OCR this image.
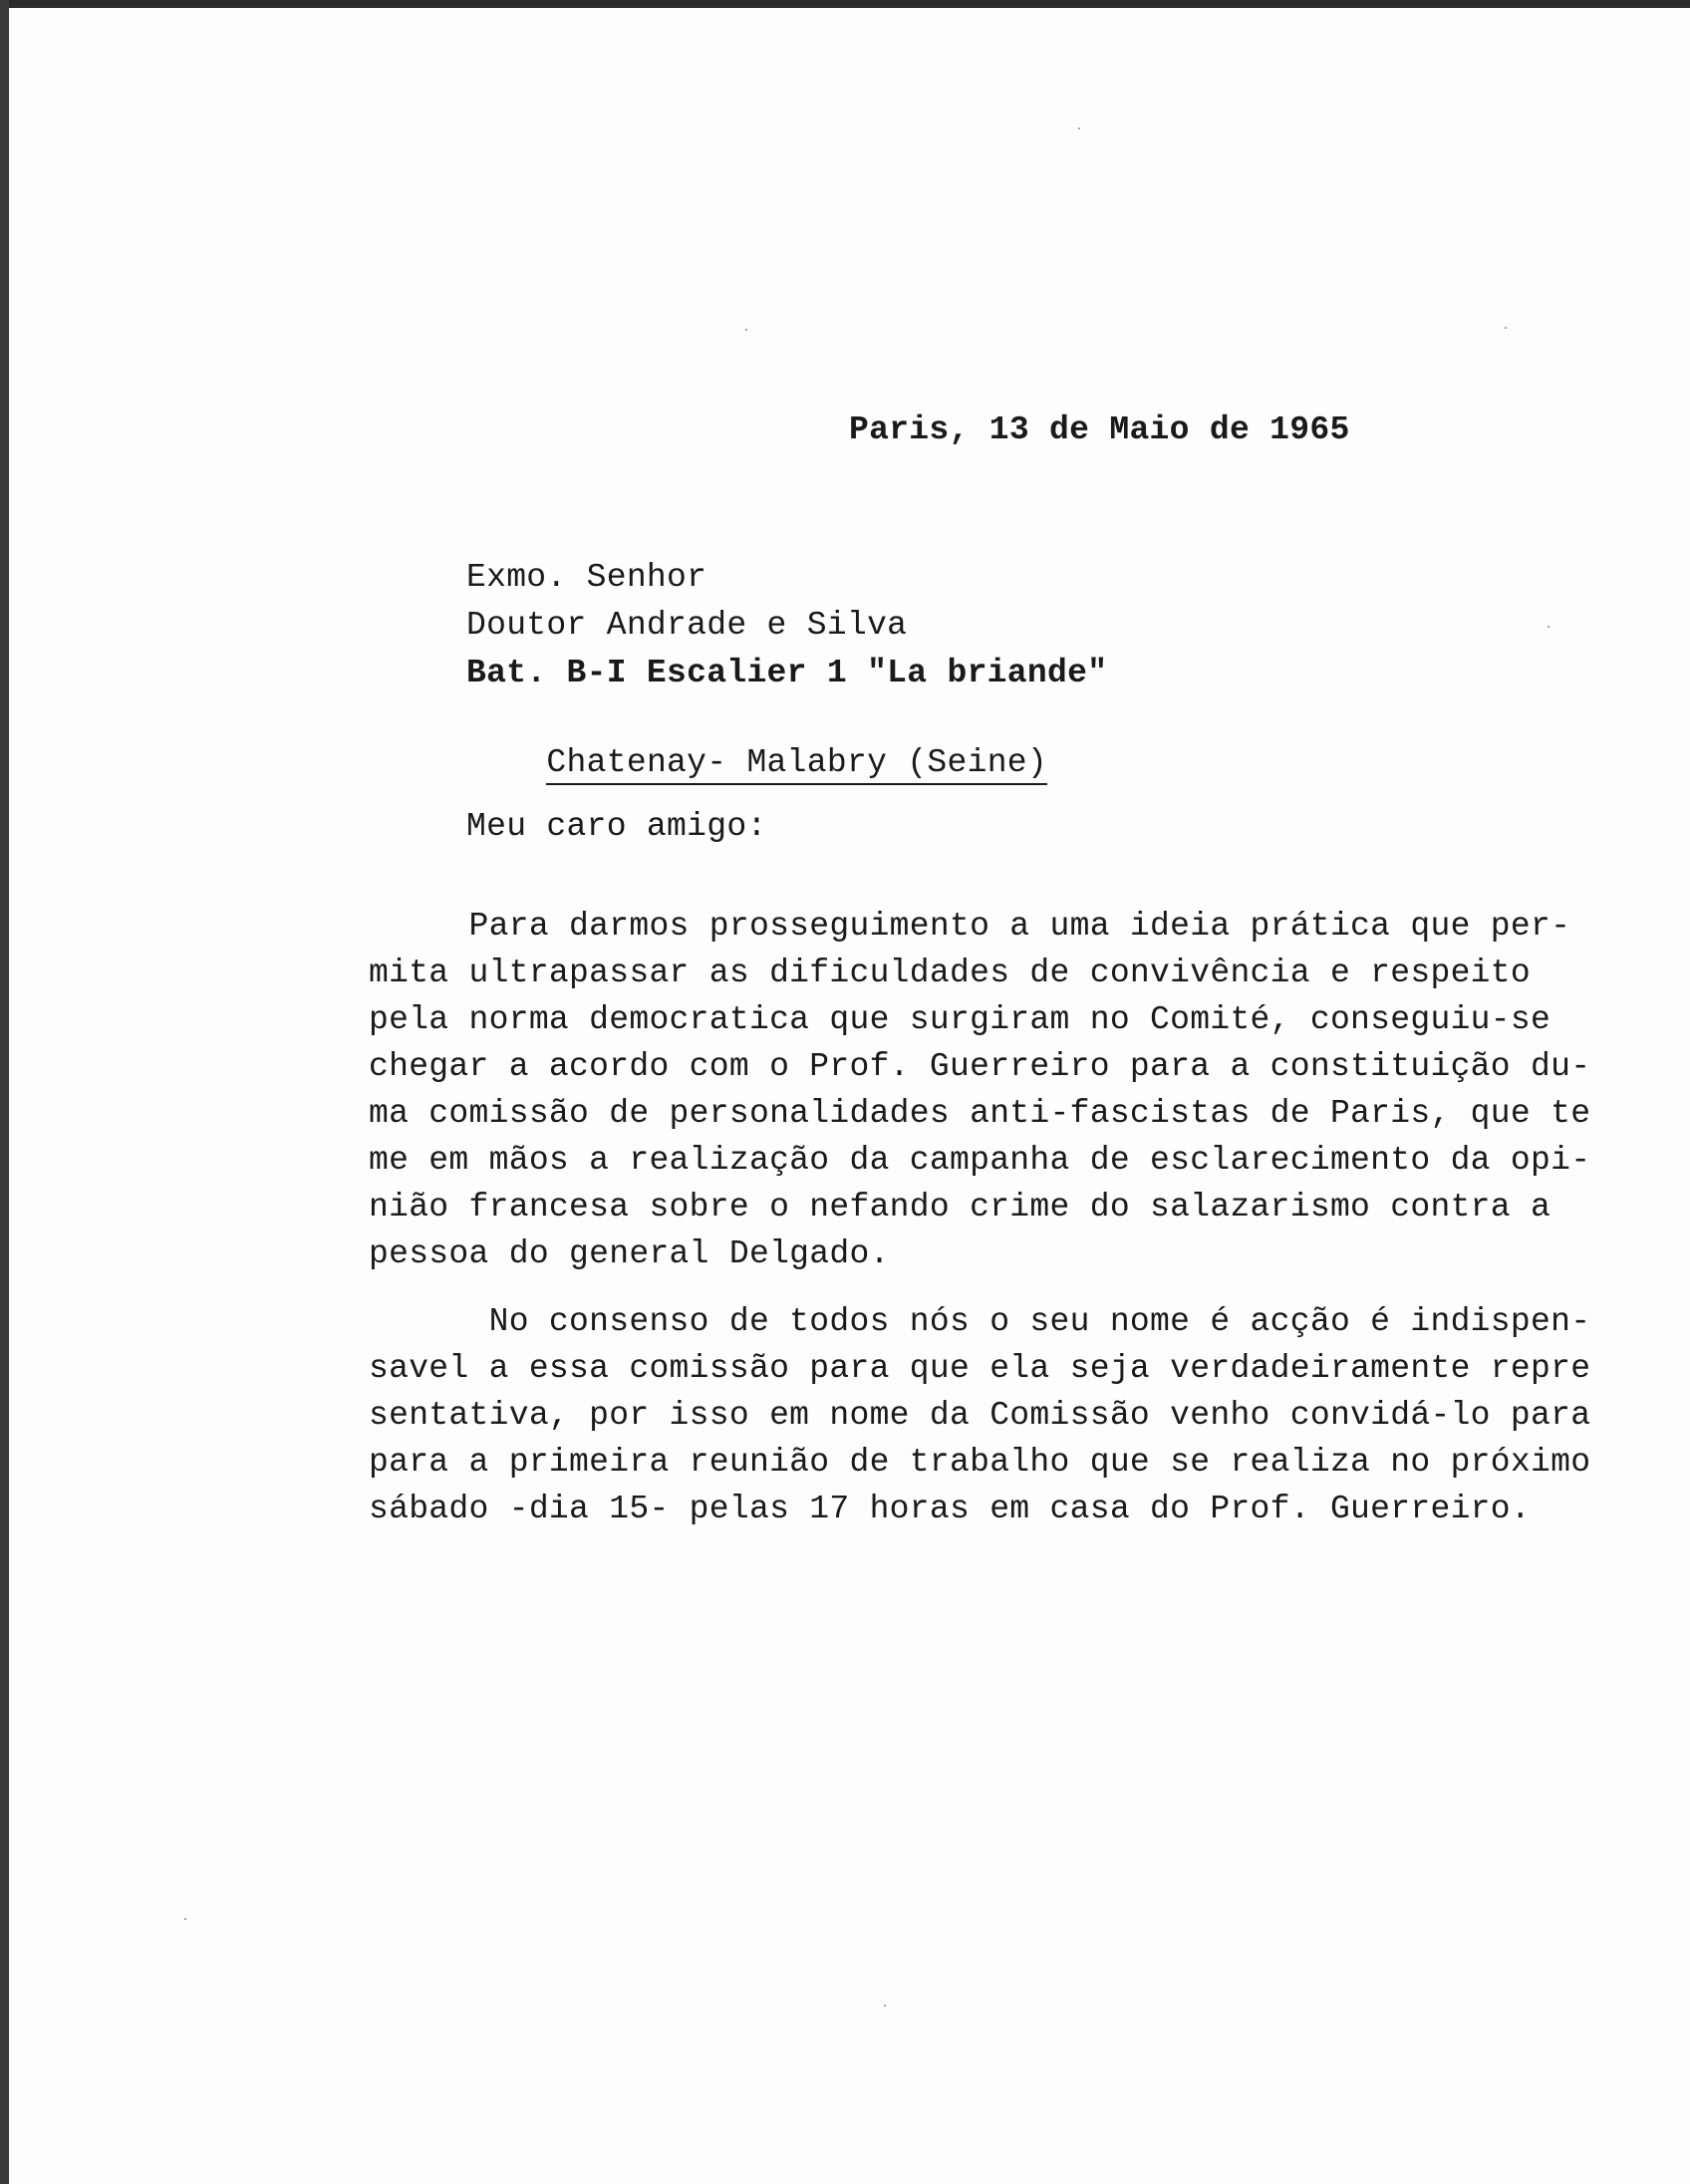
Paris, 13 de Maio de 1965
Exmo. Senhor
Doutor Andrade e Silva
Bat. B-I Escalier 1 "La briande"

Chatenay- Malabry (Seine)

Meu caro amigo:
Para darmos prosseguimento a uma ideia prática que per-
mita ultrapassar as dificuldades de convivência e respeito
pela norma democratica que surgiram no Comité, conseguiu-se
chegar a acordo com o Prof. Guerreiro para a constituição du-
ma comissão de personalidades anti-fascistas de Paris, que te
me em mãos a realização da campanha de esclarecimento da opi-
nião francesa sobre o nefando crime do salazarismo contra a
pessoa do general Delgado.
No consenso de todos nós o seu nome é acção é indispen-
savel a essa comissão para que ela seja verdadeiramente repre
sentativa, por isso em nome da Comissão venho convidá-lo para
para a primeira reunião de trabalho que se realiza no próximo
sábado -dia 15- pelas 17 horas em casa do Prof. Guerreiro.
